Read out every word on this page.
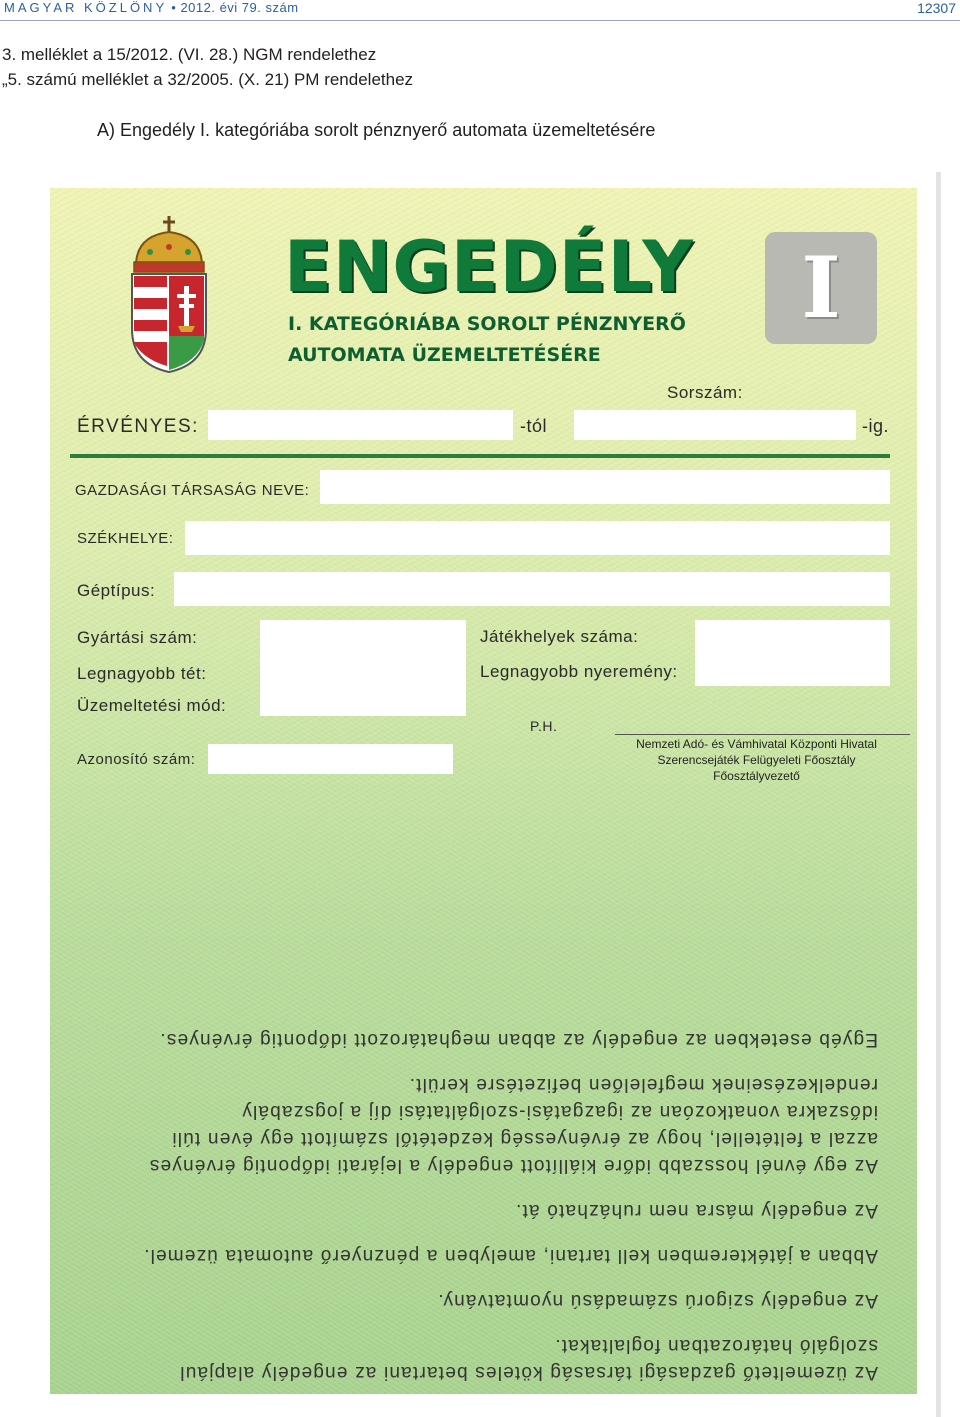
MAGYAR KÖZLÖNY • 2012. évi 79. szám	12307
3. melléklet a 15/2012. (VI. 28.) NGM rendelethez
„5. számú melléklet a 32/2005. (X. 21) PM rendelethez
A) Engedély I. kategóriába sorolt pénznyerő automata üzemeltetésére
ENGEDÉLY
I. KATEGÓRIÁBA SOROLT PÉNZNYERŐ
AUTOMATA ÜZEMELTETÉSÉRE
I
Sorszám:
ÉRVÉNYES:	-tól	-ig.
GAZDASÁGI TÁRSASÁG NEVE:
SZÉKHELYE:
Géptípus:
Gyártási szám:
Legnagyobb tét:
Üzemeltetési mód:
Játékhelyek száma:
Legnagyobb nyeremény:
P.H.
Nemzeti Adó- és Vámhivatal Központi Hivatal
Szerencsejáték Felügyeleti Főosztály
Főosztályvezető
Azonosító szám:

Az üzemeltető gazdasági társaság köteles betartani az engedély alapjául szolgáló határozatban foglaltakat.

Az engedély szigorú számadású nyomtatvány.

Abban a játékteremben kell tartani, amelyben a pénznyerő automata üzemel.

Az engedély másra nem ruházható át.

Az egy évnél hosszabb időre kiállított engedély a lejárati időpontig érvényes azzal a feltétellel, hogy az érvényesség kezdetétől számított egy éven túli időszakra vonatkozóan az igazgatási-szolgáltatási díj a jogszabály rendelkezéseinek megfelelően befizetésre került.

Egyéb esetekben az engedély az abban meghatározott időpontig érvényes.
